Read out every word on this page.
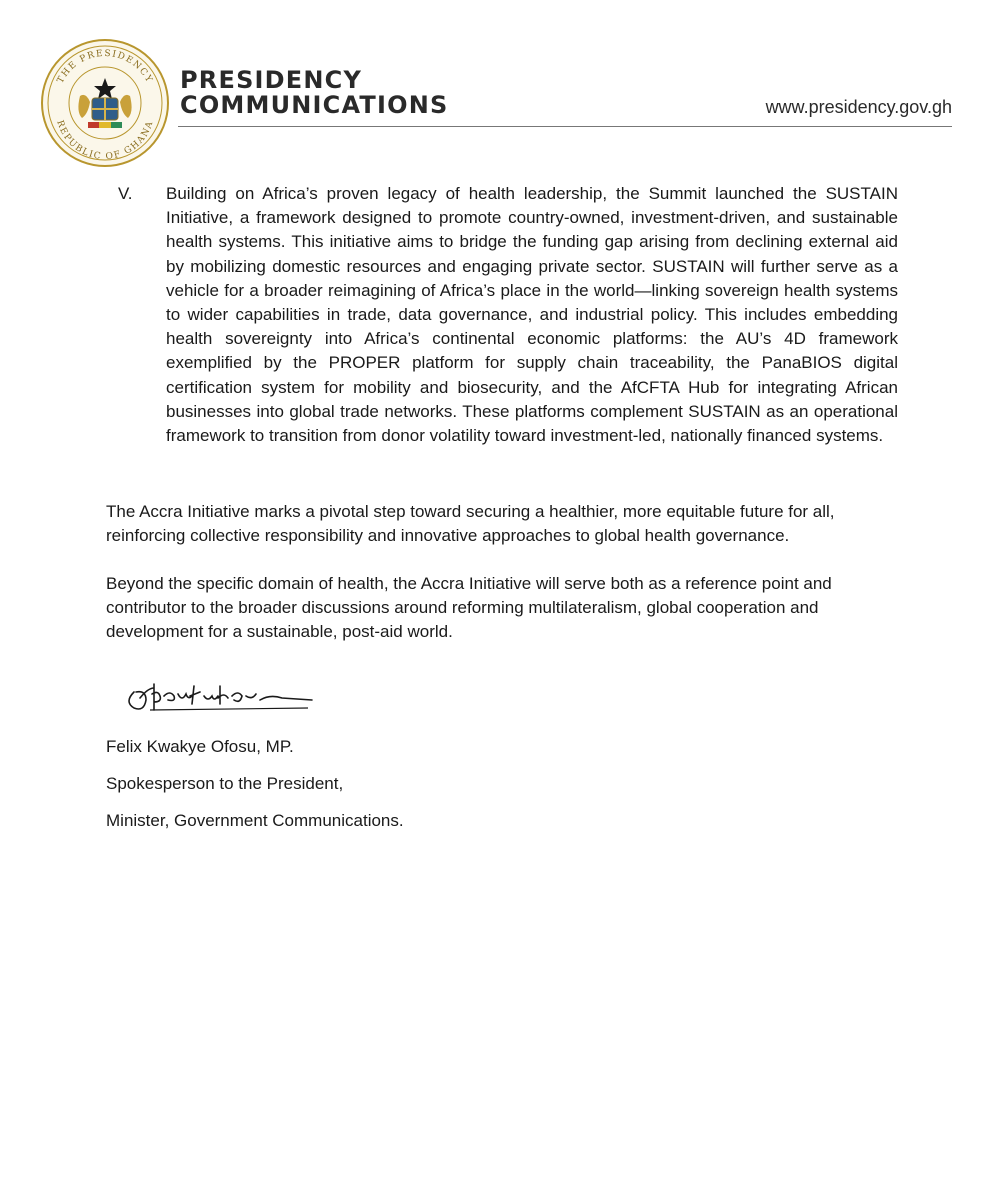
THE PRESIDENCY
REPUBLIC OF GHANA
PRESIDENCY
COMMUNICATIONS	www.presidency.gov.gh
V. Building on Africa’s proven legacy of health leadership, the Summit launched the SUSTAIN Initiative, a framework designed to promote country-owned, investment-driven, and sustainable health systems. This initiative aims to bridge the funding gap arising from declining external aid by mobilizing domestic resources and engaging private sector. SUSTAIN will further serve as a vehicle for a broader reimagining of Africa’s place in the world—linking sovereign health systems to wider capabilities in trade, data governance, and industrial policy. This includes embedding health sovereignty into Africa’s continental economic platforms: the AU’s 4D framework exemplified by the PROPER platform for supply chain traceability, the PanaBIOS digital certification system for mobility and biosecurity, and the AfCFTA Hub for integrating African businesses into global trade networks. These platforms complement SUSTAIN as an operational framework to transition from donor volatility toward investment-led, nationally financed systems.
The Accra Initiative marks a pivotal step toward securing a healthier, more equitable future for all, reinforcing collective responsibility and innovative approaches to global health governance.
Beyond the specific domain of health, the Accra Initiative will serve both as a reference point and contributor to the broader discussions around reforming multilateralism, global cooperation and development for a sustainable, post-aid world.
Felix Kwakye Ofosu, MP.
Spokesperson to the President,
Minister, Government Communications.
